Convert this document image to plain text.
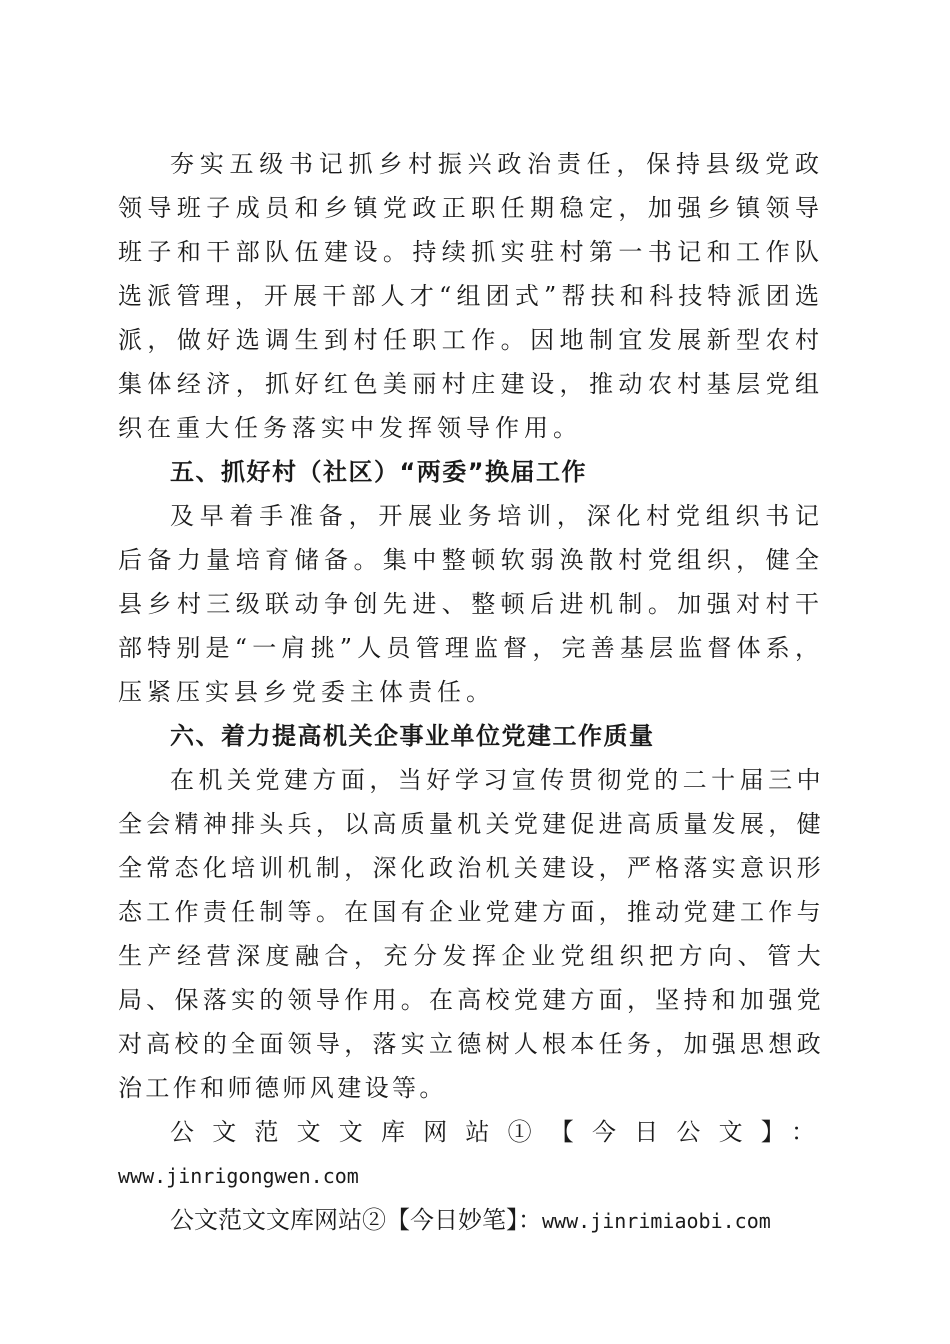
夯实五级书记抓乡村振兴政治责任，保持县级党政领导班子成员和乡镇党政正职任期稳定，加强乡镇领导班子和干部队伍建设。持续抓实驻村第一书记和工作队选派管理，开展干部人才“组团式”帮扶和科技特派团选派，做好选调生到村任职工作。因地制宜发展新型农村集体经济，抓好红色美丽村庄建设，推动农村基层党组织在重大任务落实中发挥领导作用。

五、抓好村（社区）“两委”换届工作

及早着手准备，开展业务培训，深化村党组织书记后备力量培育储备。集中整顿软弱涣散村党组织，健全县乡村三级联动争创先进、整顿后进机制。加强对村干部特别是“一肩挑”人员管理监督，完善基层监督体系，压紧压实县乡党委主体责任。

六、着力提高机关企事业单位党建工作质量

在机关党建方面，当好学习宣传贯彻党的二十届三中全会精神排头兵，以高质量机关党建促进高质量发展，健全常态化培训机制，深化政治机关建设，严格落实意识形态工作责任制等。在国有企业党建方面，推动党建工作与生产经营深度融合，充分发挥企业党组织把方向、管大局、保落实的领导作用。在高校党建方面，坚持和加强党对高校的全面领导，落实立德树人根本任务，加强思想政治工作和师德师风建设等。

公文范文文库网站①【今日公文】：

www.jinrigongwen.com

公文范文文库网站②【今日妙笔】：www.jinrimiaobi.com
